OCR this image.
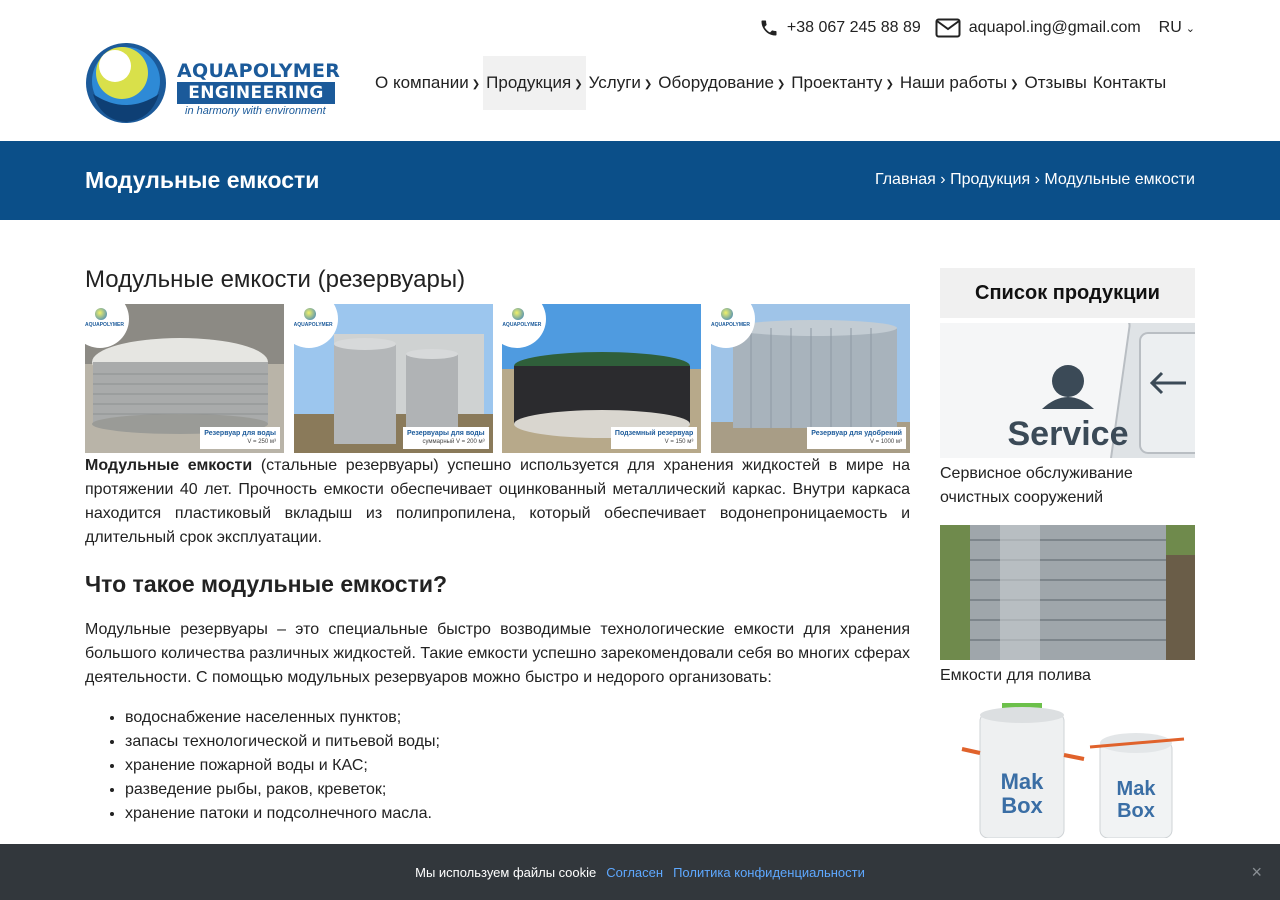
+38 067 245 88 89	aquapol.ing@gmail.com RU ⌄
AQUAPOLYMER
ENGINEERING
in harmony with environment
О компании ❯ Продукция ❯ Услуги ❯ Оборудование ❯ Проектанту ❯ Наши работы ❯ Отзывы Контакты
Модульные емкости	Главная › Продукция › Модульные емкости
Модульные емкости (резервуары)
AQUAPOLYMER
Резервуар для воды
V = 250 м³
AQUAPOLYMER
Резервуары для воды
суммарный V = 200 м³
AQUAPOLYMER
Подземный резервуар
V = 150 м³
AQUAPOLYMER
Резервуар для удобрений
V = 1000 м³

Модульные емкости (стальные резервуары) успешно используется для хранения жидкостей в мире на протяжении 40 лет. Прочность емкости обеспечивает оцинкованный металлический каркас. Внутри каркаса находится пластиковый вкладыш из полипропилена, который обеспечивает водонепроницаемость и длительный срок эксплуатации.

Что такое модульные емкости?

Модульные резервуары – это специальные быстро возводимые технологические емкости для хранения большого количества различных жидкостей. Такие емкости успешно зарекомендовали себя во многих сферах деятельности. С помощью модульных резервуаров можно быстро и недорого организовать:

• водоснабжение населенных пунктов;
• запасы технологической и питьевой воды;
• хранение пожарной воды и КАС;
• разведение рыбы, раков, креветок;
• хранение патоки и подсолнечного масла.
Список продукции
Service
Сервисное обслуживание очистных сооружений
Емкости для полива
Mak
Box
Mak
Box
Мы используем файлы cookie Согласен Политика конфиденциальности	×
